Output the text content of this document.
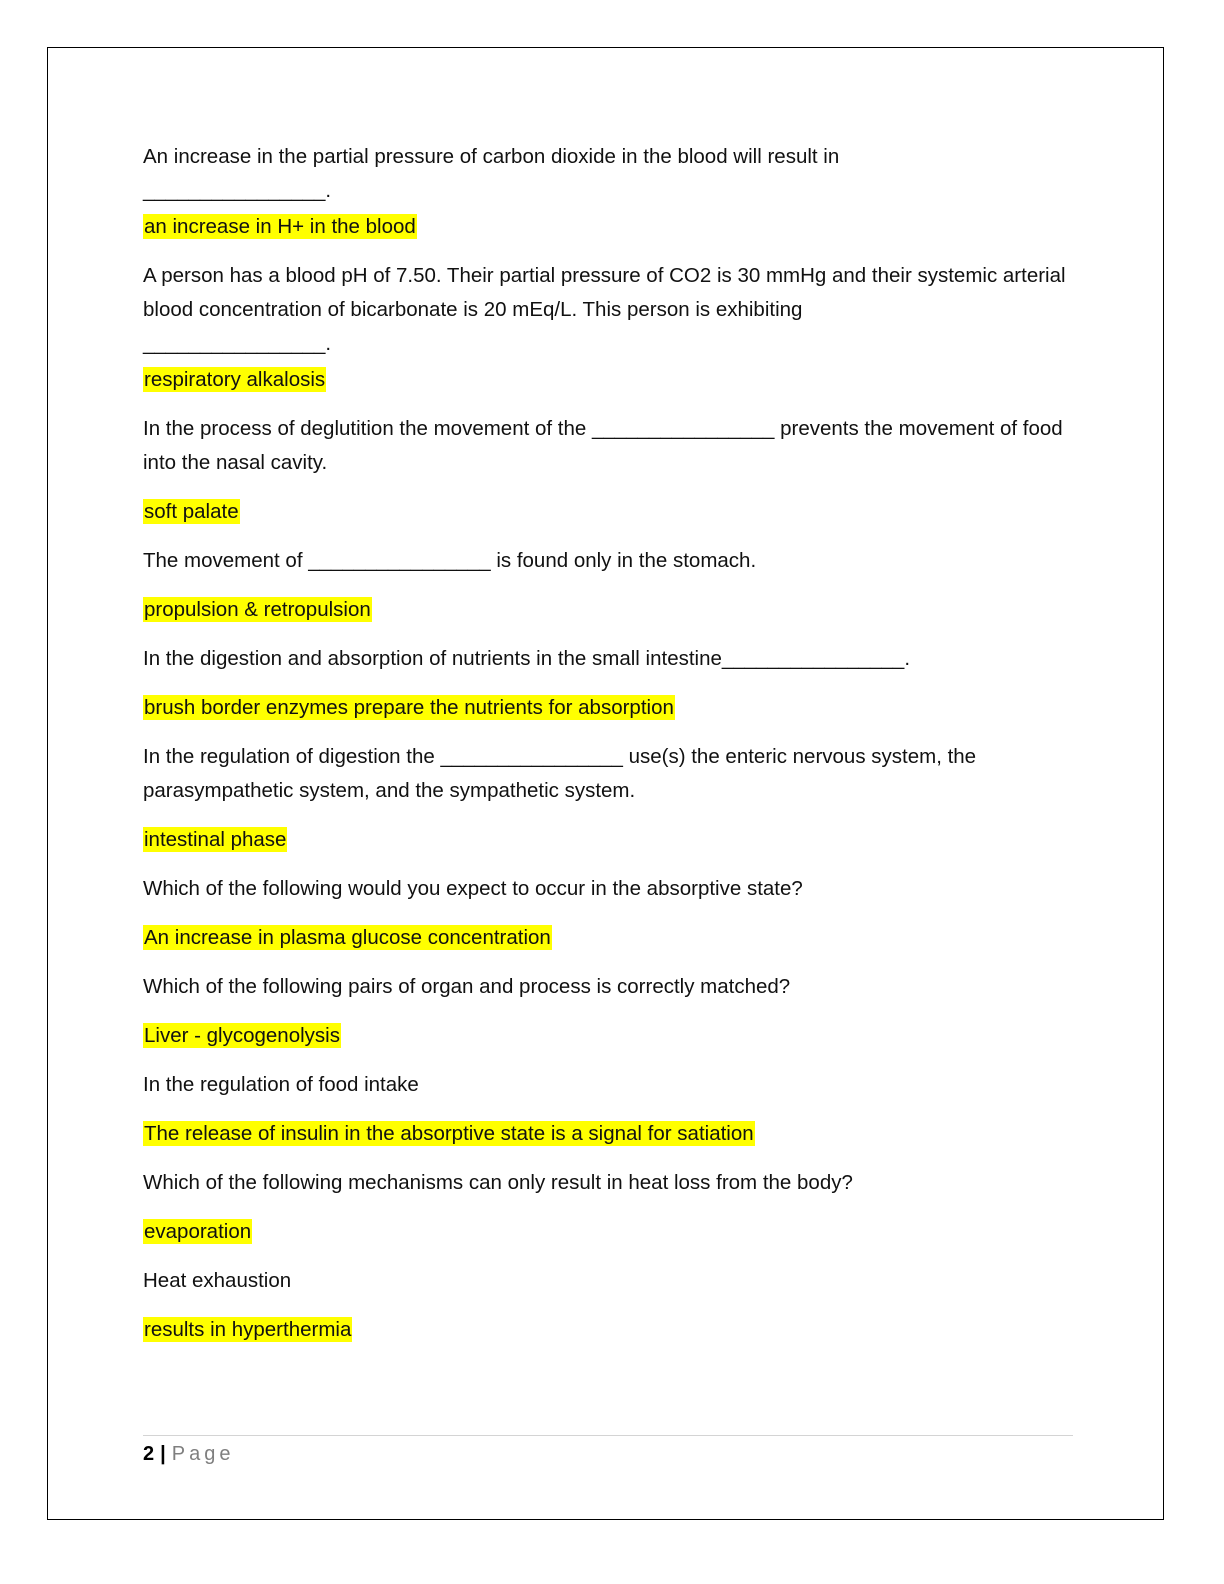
An increase in the partial pressure of carbon dioxide in the blood will result in
________________.

an increase in H+ in the blood

A person has a blood pH of 7.50. Their partial pressure of CO2 is 30 mmHg and their systemic arterial blood concentration of bicarbonate is 20 mEq/L. This person is exhibiting
________________.

respiratory alkalosis

In the process of deglutition the movement of the ________________ prevents the movement of food into the nasal cavity.

soft palate

The movement of ________________ is found only in the stomach.

propulsion & retropulsion

In the digestion and absorption of nutrients in the small intestine________________.

brush border enzymes prepare the nutrients for absorption

In the regulation of digestion the ________________ use(s) the enteric nervous system, the parasympathetic system, and the sympathetic system.

intestinal phase

Which of the following would you expect to occur in the absorptive state?

An increase in plasma glucose concentration

Which of the following pairs of organ and process is correctly matched?

Liver - glycogenolysis

In the regulation of food intake

The release of insulin in the absorptive state is a signal for satiation

Which of the following mechanisms can only result in heat loss from the body?

evaporation

Heat exhaustion

results in hyperthermia

2 | Page
